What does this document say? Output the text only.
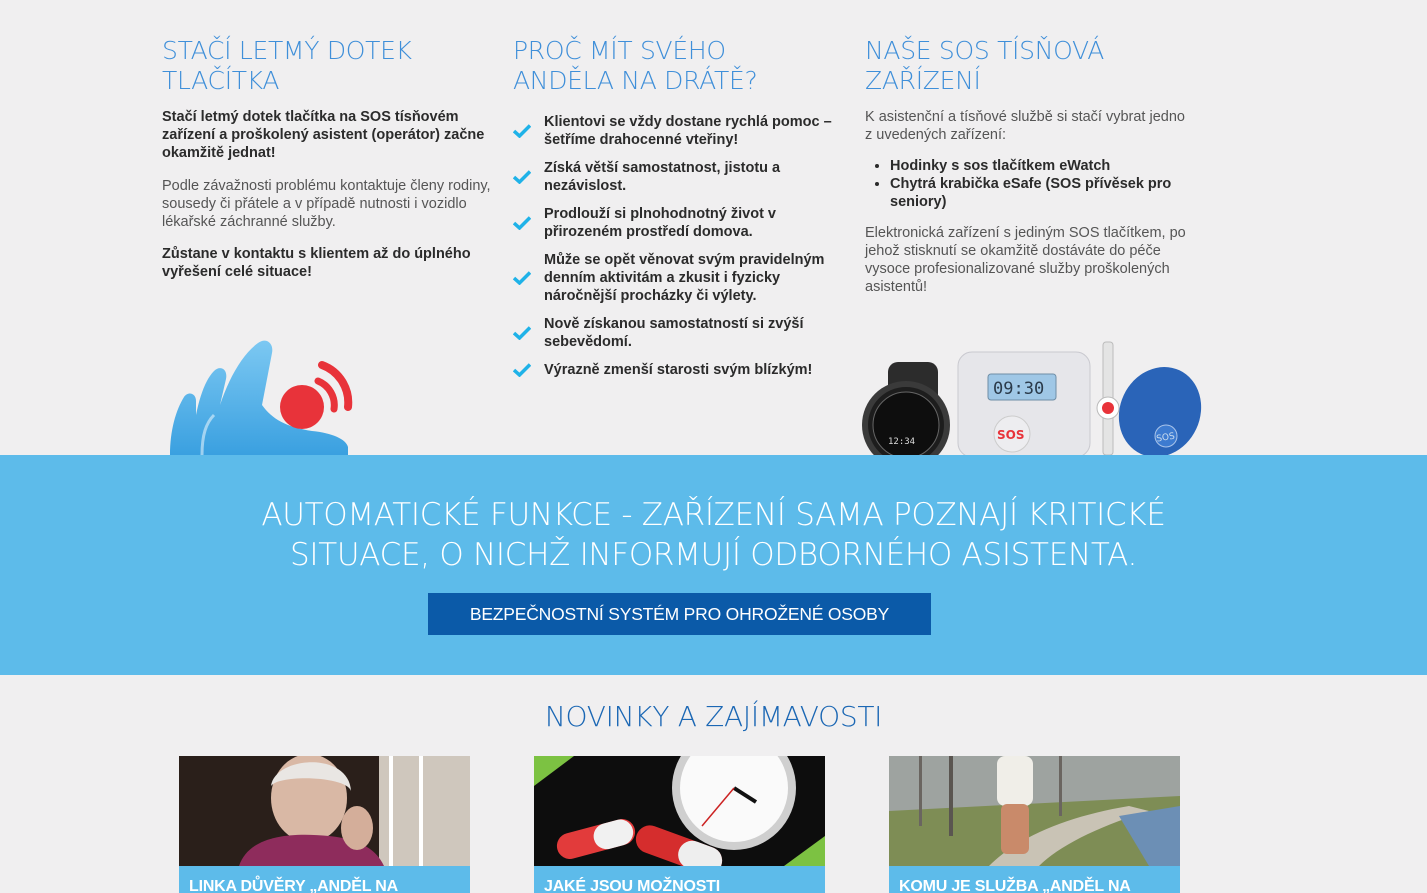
STAČÍ LETMÝ DOTEK TLAČÍTKA

Stačí letmý dotek tlačítka na SOS tísňovém zařízení a proškolený asistent (operátor) začne okamžitě jednat!

Podle závažnosti problému kontaktuje členy rodiny, sousedy či přátele a v případě nutnosti i vozidlo lékařské záchranné služby.

Zůstane v kontaktu s klientem až do úplného vyřešení celé situace!

PROČ MÍT SVÉHO ANDĚLA NA DRÁTĚ?
Klientovi se vždy dostane rychlá pomoc – šetříme drahocenné vteřiny!
Získá větší samostatnost, jistotu a nezávislost.
Prodlouží si plnohodnotný život v přirozeném prostředí domova.
Může se opět věnovat svým pravidelným denním aktivitám a zkusit i fyzicky náročnější procházky či výlety.
Nově získanou samostatností si zvýší sebevědomí.
Výrazně zmenší starosti svým blízkým!
NAŠE SOS TÍSŇOVÁ ZAŘÍZENÍ

K asistenční a tísňové službě si stačí vybrat jedno z uvedených zařízení:

• Hodinky s sos tlačítkem eWatch
• Chytrá krabička eSafe (SOS přívěsek pro seniory)

Elektronická zařízení s jediným SOS tlačítkem, po jehož stisknutí se okamžitě dostáváte do péče vysoce profesionalizované služby proškolených asistentů!

12:34
09:30
SOS	SOS
AUTOMATICKÉ FUNKCE - ZAŘÍZENÍ SAMA POZNAJÍ KRITICKÉ SITUACE, O NICHŽ INFORMUJÍ ODBORNÉHO ASISTENTA.
BEZPEČNOSTNÍ SYSTÉM PRO OHROŽENÉ OSOBY
NOVINKY A ZAJÍMAVOSTI
LINKA DŮVĚRY „ANDĚL NA	JAKÉ JSOU MOŽNOSTI	KOMU JE SLUŽBA „ANDĚL NA
